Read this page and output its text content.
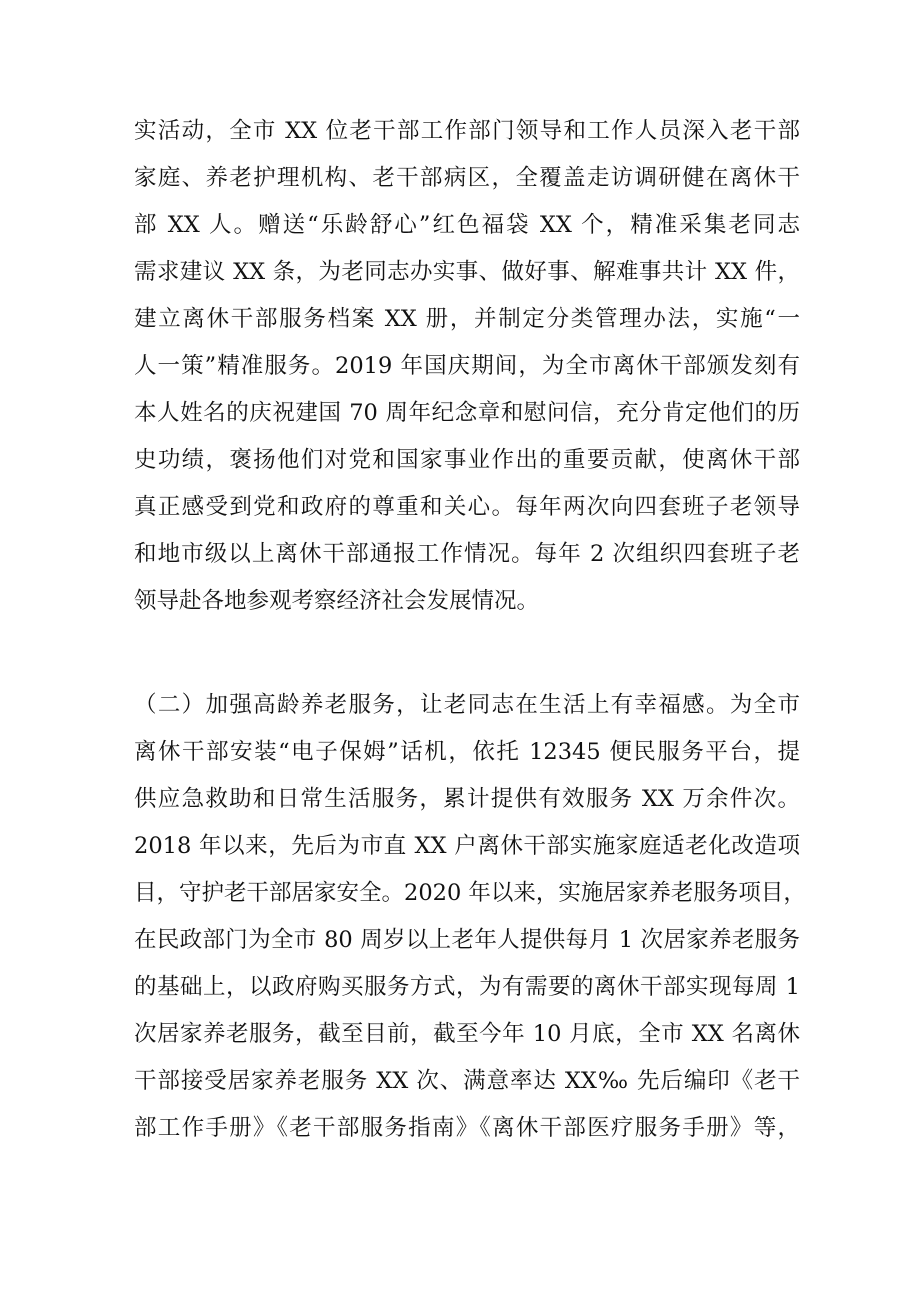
实活动，全市 XX 位老干部工作部门领导和工作人员深入老干部
家庭、养老护理机构、老干部病区，全覆盖走访调研健在离休干
部 XX 人。赠送“乐龄舒心”红色福袋 XX 个，精准采集老同志
需求建议 XX 条，为老同志办实事、做好事、解难事共计 XX 件，
建立离休干部服务档案 XX 册，并制定分类管理办法，实施“一
人一策”精准服务。2019 年国庆期间，为全市离休干部颁发刻有
本人姓名的庆祝建国 70 周年纪念章和慰问信，充分肯定他们的历
史功绩，褒扬他们对党和国家事业作出的重要贡献，使离休干部
真正感受到党和政府的尊重和关心。每年两次向四套班子老领导
和地市级以上离休干部通报工作情况。每年 2 次组织四套班子老
领导赴各地参观考察经济社会发展情况。
（二）加强高龄养老服务，让老同志在生活上有幸福感。为全市
离休干部安装“电子保姆”话机，依托 12345 便民服务平台，提
供应急救助和日常生活服务，累计提供有效服务 XX 万余件次。
2018 年以来，先后为市直 XX 户离休干部实施家庭适老化改造项
目，守护老干部居家安全。2020 年以来，实施居家养老服务项目，
在民政部门为全市 80 周岁以上老年人提供每月 1 次居家养老服务
的基础上，以政府购买服务方式，为有需要的离休干部实现每周 1
次居家养老服务，截至目前，截至今年 10 月底，全市 XX 名离休
干部接受居家养老服务 XX 次、满意率达 XX‰ 先后编印《老干
部工作手册》《老干部服务指南》《离休干部医疗服务手册》等，
